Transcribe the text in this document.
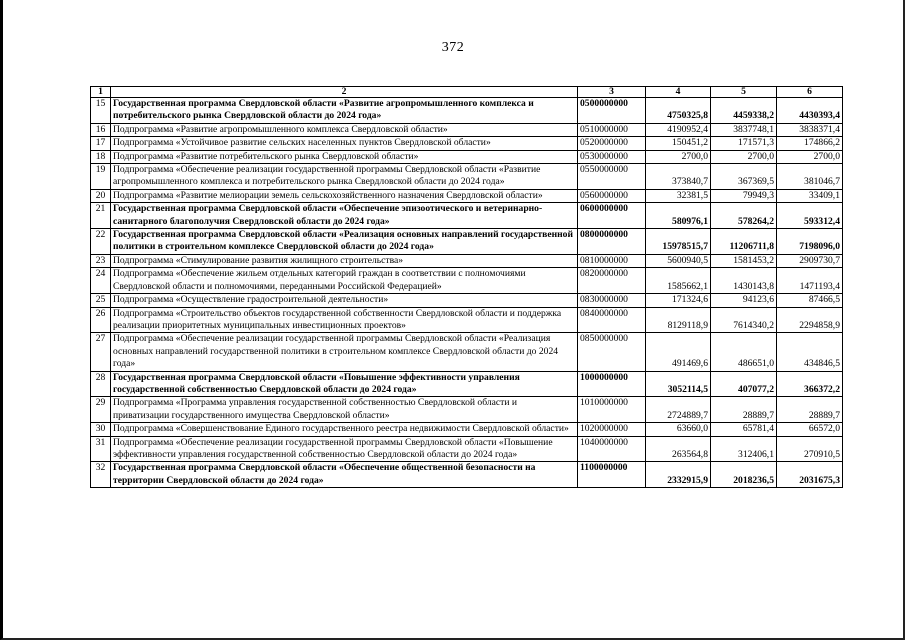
372
1	2	3	4	5	6
15	Государственная программа Свердловской области «Развитие агропромышленного комплекса и потребительского рынка Свердловской области до 2024 года»	0500000000	4750325,8	4459338,2	4430393,4
16	Подпрограмма «Развитие агропромышленного комплекса Свердловской области»	0510000000	4190952,4	3837748,1	3838371,4
17	Подпрограмма «Устойчивое развитие сельских населенных пунктов Свердловской области»	0520000000	150451,2	171571,3	174866,2
18	Подпрограмма «Развитие потребительского рынка Свердловской области»	0530000000	2700,0	2700,0	2700,0
19	Подпрограмма «Обеспечение реализации государственной программы Свердловской области «Развитие агропромышленного комплекса и потребительского рынка Свердловской области до 2024 года»	0550000000	373840,7	367369,5	381046,7
20	Подпрограмма «Развитие мелиорации земель сельскохозяйственного назначения Свердловской области»	0560000000	32381,5	79949,3	33409,1
21	Государственная программа Свердловской области «Обеспечение эпизоотического и ветеринарно-санитарного благополучия Свердловской области до 2024 года»	0600000000	580976,1	578264,2	593312,4
22	Государственная программа Свердловской области «Реализация основных направлений государственной политики в строительном комплексе Свердловской области до 2024 года»	0800000000	15978515,7	11206711,8	7198096,0
23	Подпрограмма «Стимулирование развития жилищного строительства»	0810000000	5600940,5	1581453,2	2909730,7
24	Подпрограмма «Обеспечение жильем отдельных категорий граждан в соответствии с полномочиями Свердловской области и полномочиями, переданными Российской Федерацией»	0820000000	1585662,1	1430143,8	1471193,4
25	Подпрограмма «Осуществление градостроительной деятельности»	0830000000	171324,6	94123,6	87466,5
26	Подпрограмма «Строительство объектов государственной собственности Свердловской области и поддержка реализации приоритетных муниципальных инвестиционных проектов»	0840000000	8129118,9	7614340,2	2294858,9
27	Подпрограмма «Обеспечение реализации государственной программы Свердловской области «Реализация основных направлений государственной политики в строительном комплексе Свердловской области до 2024 года»	0850000000	491469,6	486651,0	434846,5
28	Государственная программа Свердловской области «Повышение эффективности управления государственной собственностью Свердловской области до 2024 года»	1000000000	3052114,5	407077,2	366372,2
29	Подпрограмма «Программа управления государственной собственностью Свердловской области и приватизации государственного имущества Свердловской области»	1010000000	2724889,7	28889,7	28889,7
30	Подпрограмма «Совершенствование Единого государственного реестра недвижимости Свердловской области»	1020000000	63660,0	65781,4	66572,0
31	Подпрограмма «Обеспечение реализации государственной программы Свердловской области «Повышение эффективности управления государственной собственностью Свердловской области до 2024 года»	1040000000	263564,8	312406,1	270910,5
32	Государственная программа Свердловской области «Обеспечение общественной безопасности на территории Свердловской области до 2024 года»	1100000000	2332915,9	2018236,5	2031675,3
